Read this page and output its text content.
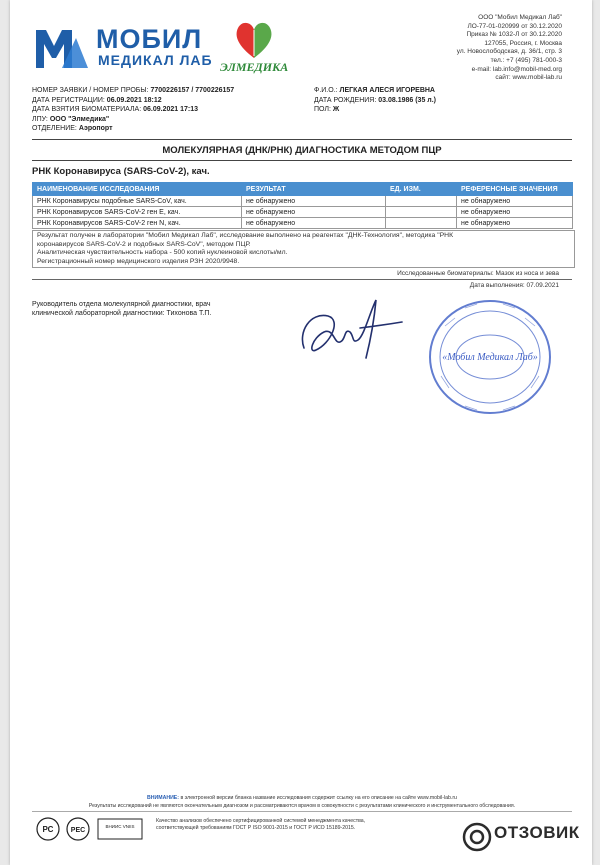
МОБИЛ
МЕДИКАЛ ЛАБ ЭЛМЕДИКА
ООО "Мобил Медикал Лаб"
ЛО-77-01-020999 от 30.12.2020
Приказ № 1032-Л от 30.12.2020
127055, Россия, г. Москва
ул. Новослободская, д. 36/1, стр. 3
тел.: +7 (495) 781-000-3
e-mail: lab.info@mobil-med.org
сайт: www.mobil-lab.ru
НОМЕР ЗАЯВКИ / НОМЕР ПРОБЫ: 7700226157 / 7700226157	Ф.И.О.: ЛЕГКАЯ АЛЕСЯ ИГОРЕВНА
ДАТА РЕГИСТРАЦИИ: 06.09.2021 18:12	ДАТА РОЖДЕНИЯ: 03.08.1986 (35 л.)
ДАТА ВЗЯТИЯ БИОМАТЕРИАЛА: 06.09.2021 17:13	ПОЛ: Ж
ЛПУ: ООО "Элмедика"
ОТДЕЛЕНИЕ: Аэропорт
МОЛЕКУЛЯРНАЯ (ДНК/РНК) ДИАГНОСТИКА МЕТОДОМ ПЦР
РНК Коронавируса (SARS-CoV-2), кач.
НАИМЕНОВАНИЕ ИССЛЕДОВАНИЯ	РЕЗУЛЬТАТ	ЕД. ИЗМ.	РЕФЕРЕНСНЫЕ ЗНАЧЕНИЯ
РНК Коронавирусы подобные SARS-CoV, кач.	не обнаружено		не обнаружено
РНК Коронавирусов SARS-CoV-2 ген E, кач.	не обнаружено		не обнаружено
РНК Коронавирусов SARS-CoV-2 ген N, кач.	не обнаружено		не обнаружено
Результат получен в лаборатории "Мобил Медикал Лаб", исследование выполнено на реагентах "ДНК-Технология", методика "РНК
коронавирусов SARS-CoV-2 и подобных SARS-CoV", методом ПЦР.
Аналитическая чувствительность набора - 500 копий нуклеиновой кислоты/мл.
Регистрационный номер медицинского изделия РЗН 2020/9948.
Исследованные биоматериалы: Мазок из носа и зева
Дата выполнения: 07.09.2021
Руководитель отдела молекулярной диагностики, врач
клинической лабораторной диагностики: Тихонова Т.П.
«Мобил Медикал Лаб»
ВНИМАНИЕ: в электронной версии бланка название исследования содержит ссылку на его описание на сайте www.mobil-lab.ru
Результаты исследований не являются окончательным диагнозом и рассматриваются врачом в совокупности с результатами клинического и инструментального обследования.
РС РЕС
ВНИИС VNIIS
Качество анализов обеспечено сертифицированной системой менеджмента качества,
соответствующей требованиям ГОСТ Р ISO 9001-2015 и ГОСТ Р ИСО 15189-2015.	ОТЗОВИК
